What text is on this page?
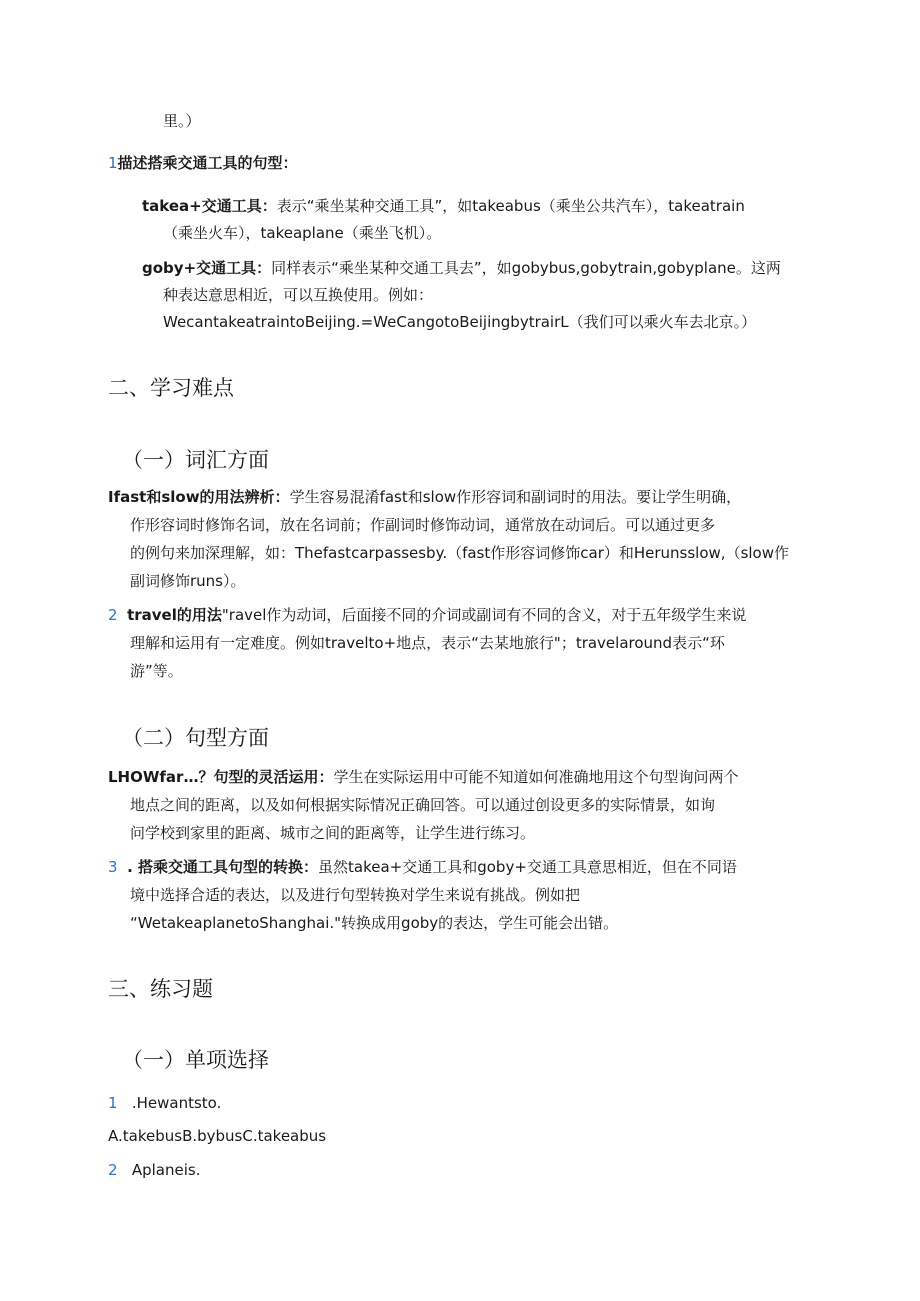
里。）
1描述搭乘交通工具的句型：
takea+交通工具：表示“乘坐某种交通工具”，如takeabus（乘坐公共汽车），takeatrain
（乘坐火车），takeaplane（乘坐飞机）。
goby+交通工具：同样表示“乘坐某种交通工具去”，如gobybus,gobytrain,gobyplane。这两
种表达意思相近，可以互换使用。例如：
WecantakeatraintoBeijing.=WeCangotoBeijingbytrairL（我们可以乘火车去北京。）
二、学习难点
（一）词汇方面
Ifast和slow的用法辨析：学生容易混淆fast和slow作形容词和副词时的用法。要让学生明确，
作形容词时修饰名词，放在名词前；作副词时修饰动词，通常放在动词后。可以通过更多
的例句来加深理解，如：Thefastcarpassesby.（fast作形容词修饰car）和Herunsslow,（slow作
副词修饰runs）。
2 travel的用法"ravel作为动词，后面接不同的介词或副词有不同的含义，对于五年级学生来说
理解和运用有一定难度。例如travelto+地点，表示“去某地旅行"；travelaround表示“环
游”等。
（二）句型方面
LHOWfar…？句型的灵活运用：学生在实际运用中可能不知道如何准确地用这个句型询问两个
地点之间的距离，以及如何根据实际情况正确回答。可以通过创设更多的实际情景，如询
问学校到家里的距离、城市之间的距离等，让学生进行练习。
3 . 搭乘交通工具句型的转换：虽然takea+交通工具和goby+交通工具意思相近，但在不同语
境中选择合适的表达，以及进行句型转换对学生来说有挑战。例如把
“WetakeaplanetoShanghai."转换成用goby的表达，学生可能会出错。
三、练习题
（一）单项选择
1 .Hewantsto.
A.takebusB.bybusC.takeabus
2 Aplaneis.
